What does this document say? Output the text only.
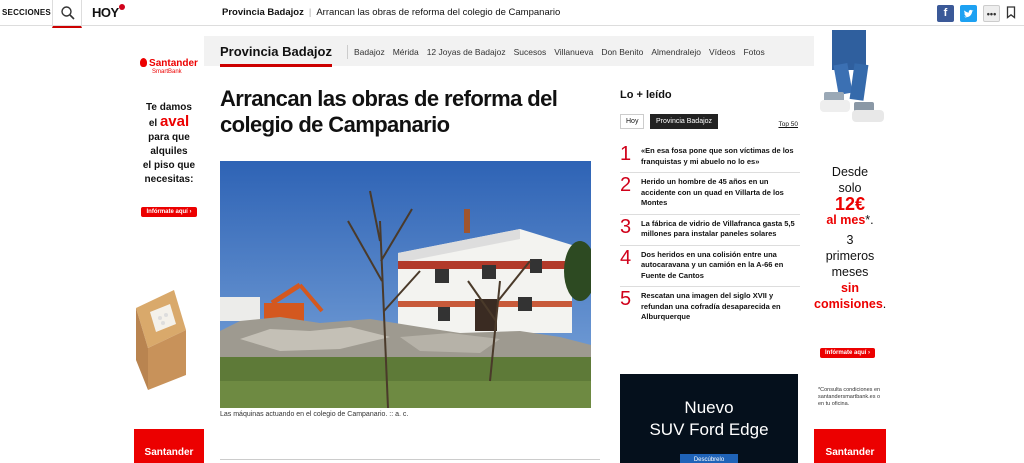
SECCIONES	HOY	Provincia Badajoz | Arrancan las obras de reforma del colegio de Campanario	f	•••
Santander
SmartBank
Te damos
el aval
para que
alquiles
el piso que
necesitas:
Infórmate aquí ›
Santander
Desde
solo
12€
al mes*.
3
primeros
meses
sin
comisiones.
Infórmate aquí ›
*Consulta condiciones en santandersmartbank.es o en tu oficina.
Santander
Provincia Badajoz	Badajoz Mérida 12 Joyas de Badajoz Sucesos Villanueva Don Benito Almendralejo Vídeos Fotos
Arrancan las obras de reforma del colegio de Campanario
Las máquinas actuando en el colegio de Campanario. :: a. c.
Lo + leído
Hoy	Provincia Badajoz	Top 50
1 «En esa fosa pone que son víctimas de los franquistas y mi abuelo no lo es»
2 Herido un hombre de 45 años en un accidente con un quad en Villarta de los Montes
3 La fábrica de vidrio de Villafranca gasta 5,5 millones para instalar paneles solares
4 Dos heridos en una colisión entre una autocaravana y un camión en la A-66 en Fuente de Cantos
5 Rescatan una imagen del siglo XVII y refundan una cofradía desaparecida en Alburquerque
Nuevo
SUV Ford Edge
Descúbrelo
